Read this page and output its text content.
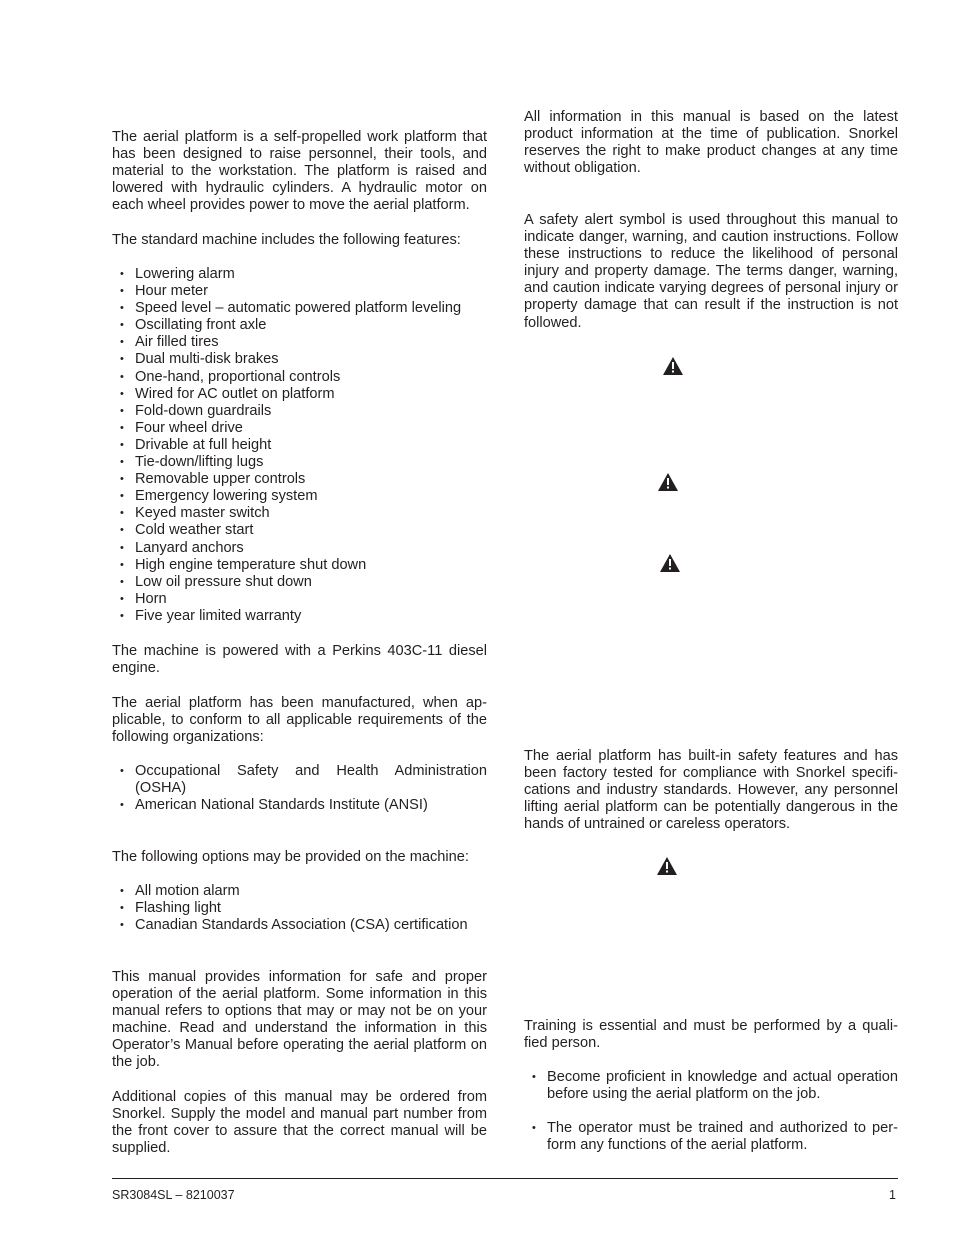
The aerial platform is a self-propelled work platform that has been designed to raise personnel, their tools, and material to the workstation. The platform is raised and lowered with hydraulic cylinders. A hydraulic motor on each wheel provides power to move the aerial platform.

The standard machine includes the following features:

• Lowering alarm
• Hour meter
• Speed level – automatic powered platform leveling
• Oscillating front axle
• Air filled tires
• Dual multi-disk brakes
• One-hand, proportional controls
• Wired for AC outlet on platform
• Fold-down guardrails
• Four wheel drive
• Drivable at full height
• Tie-down/lifting lugs
• Removable upper controls
• Emergency lowering system
• Keyed master switch
• Cold weather start
• Lanyard anchors
• High engine temperature shut down
• Low oil pressure shut down
• Horn
• Five year limited warranty

The machine is powered with a Perkins 403C-11 diesel engine.

The aerial platform has been manufactured, when ap-plicable, to conform to all applicable requirements of the following organizations:

• Occupational Safety and Health Administration (OSHA)
• American National Standards Institute (ANSI)

The following options may be provided on the machine:

• All motion alarm
• Flashing light
• Canadian Standards Association (CSA) certification

This manual provides information for safe and proper operation of the aerial platform. Some information in this manual refers to options that may or may not be on your machine. Read and understand the information in this Operator’s Manual before operating the aerial platform on the job.

Additional copies of this manual may be ordered from Snorkel. Supply the model and manual part number from the front cover to assure that the correct manual will be supplied.

All information in this manual is based on the latest product information at the time of publication. Snorkel reserves the right to make product changes at any time without obligation.

A safety alert symbol is used throughout this manual to indicate danger, warning, and caution instructions. Follow these instructions to reduce the likelihood of personal injury and property damage. The terms danger, warning, and caution indicate varying degrees of personal injury or property damage that can result if the instruction is not followed.

The aerial platform has built-in safety features and has been factory tested for compliance with Snorkel specifi-cations and industry standards. However, any personnel lifting aerial platform can be potentially dangerous in the hands of untrained or careless operators.

Training is essential and must be performed by a quali-fied person.

• Become proficient in knowledge and actual operation before using the aerial platform on the job.
• The operator must be trained and authorized to per-form any functions of the aerial platform.
SR3084SL – 8210037	1
